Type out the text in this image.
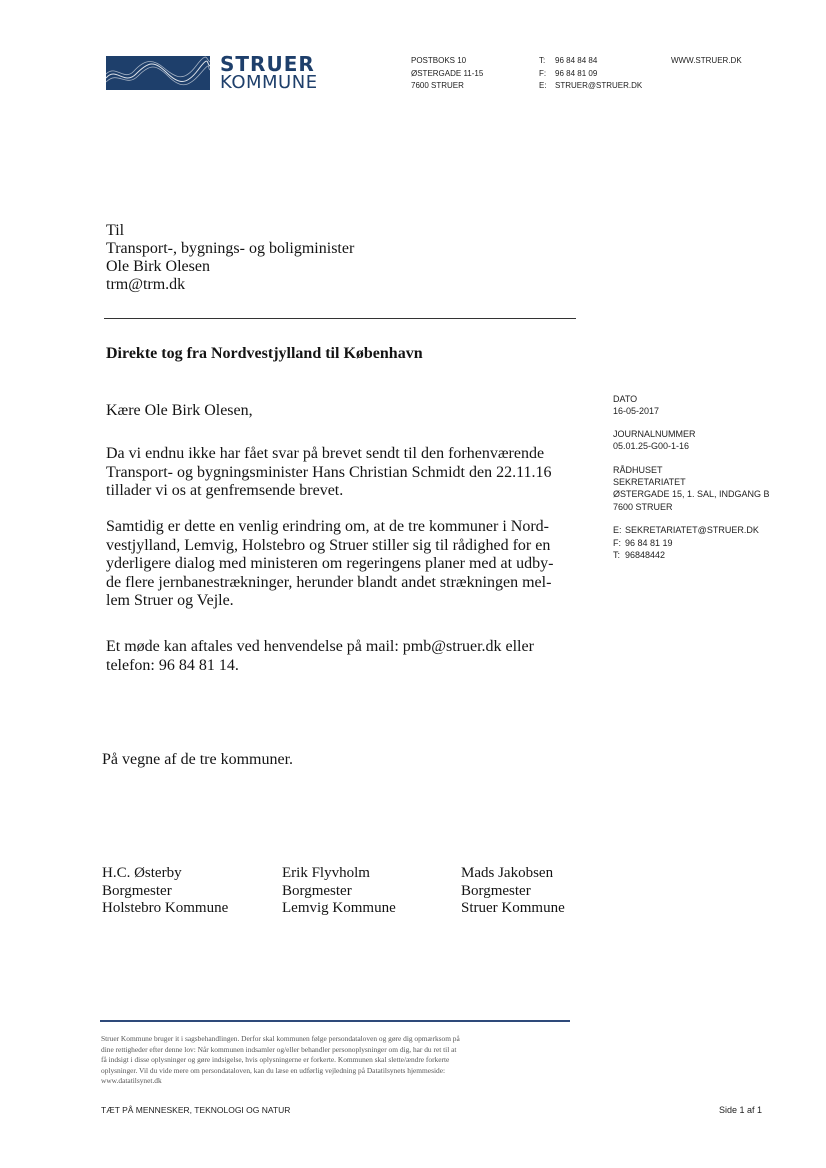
STRUER
KOMMUNE
POSTBOKS 10
ØSTERGADE 11-15
7600 STRUER
T:
F:
E:
96 84 84 84
96 84 81 09
STRUER@STRUER.DK
WWW.STRUER.DK
Til
Transport-, bygnings- og boligminister
Ole Birk Olesen
trm@trm.dk
Direkte tog fra Nordvestjylland til København
DATO
16-05-2017
JOURNALNUMMER
05.01.25-G00-1-16
RÅDHUSET
SEKRETARIATET
ØSTERGADE 15, 1. SAL, INDGANG B
7600 STRUER
E: SEKRETARIATET@STRUER.DK
F: 96 84 81 19
T: 96848442
Kære Ole Birk Olesen,
Da vi endnu ikke har fået svar på brevet sendt til den forhenværende
Transport- og bygningsminister Hans Christian Schmidt den 22.11.16
tillader vi os at genfremsende brevet.
Samtidig er dette en venlig erindring om, at de tre kommuner i Nord-
vestjylland, Lemvig, Holstebro og Struer stiller sig til rådighed for en
yderligere dialog med ministeren om regeringens planer med at udby-
de flere jernbanestrækninger, herunder blandt andet strækningen mel-
lem Struer og Vejle.
Et møde kan aftales ved henvendelse på mail: pmb@struer.dk eller
telefon: 96 84 81 14.
På vegne af de tre kommuner.
H.C. Østerby
Borgmester
Holstebro Kommune
Erik Flyvholm
Borgmester
Lemvig Kommune
Mads Jakobsen
Borgmester
Struer Kommune
Struer Kommune bruger it i sagsbehandlingen. Derfor skal kommunen følge persondataloven og gøre dig opmærksom på
dine rettigheder efter denne lov: Når kommunen indsamler og/eller behandler personoplysninger om dig, har du ret til at
få indsigt i disse oplysninger og gøre indsigelse, hvis oplysningerne er forkerte. Kommunen skal slette/ændre forkerte
oplysninger. Vil du vide mere om persondataloven, kan du læse en udførlig vejledning på Datatilsynets hjemmeside:
www.datatilsynet.dk
TÆT PÅ MENNESKER, TEKNOLOGI OG NATUR	Side 1 af 1
